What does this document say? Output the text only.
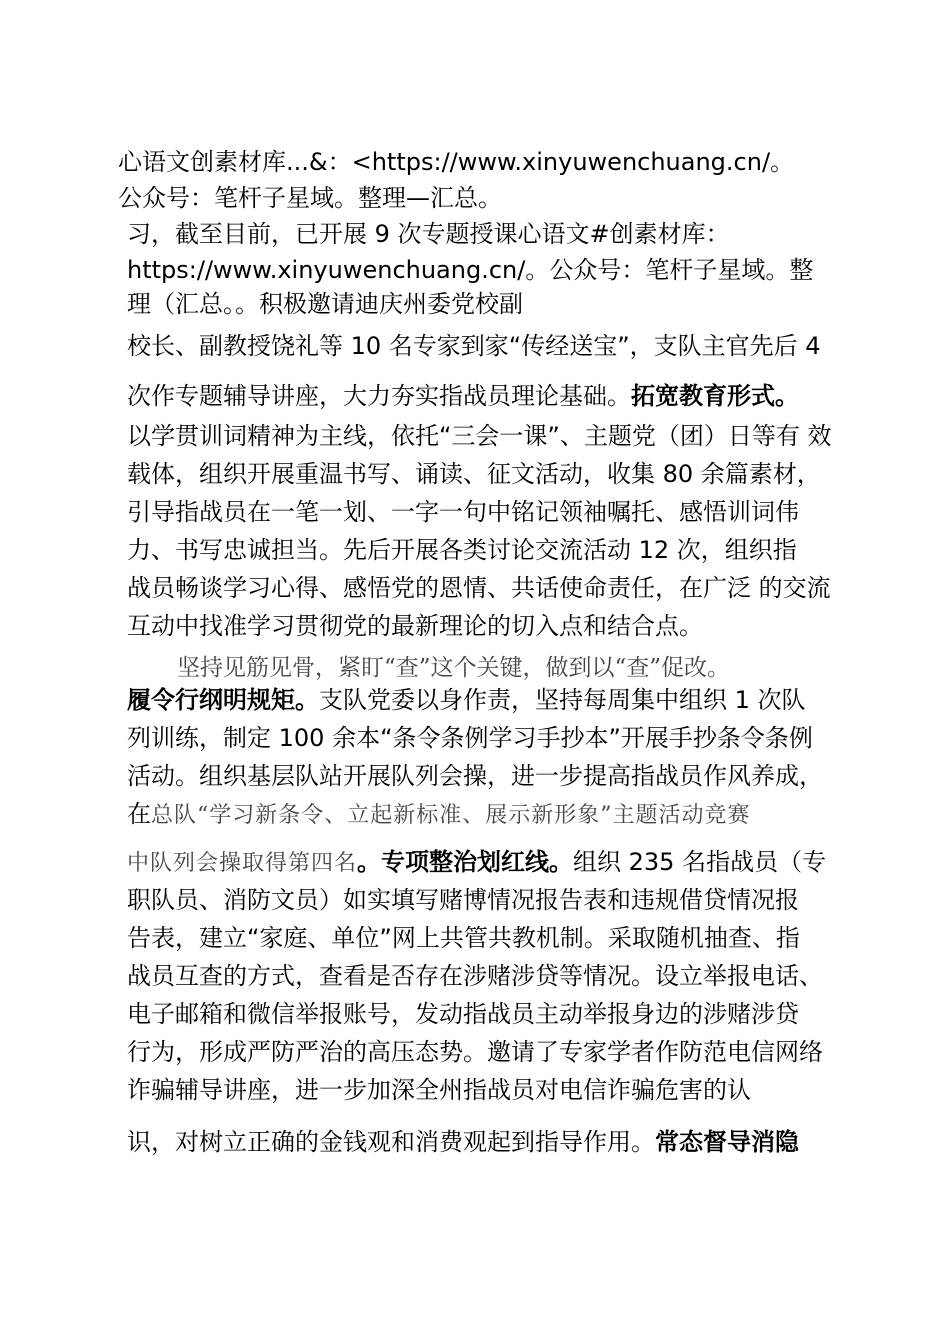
心语文创素材库...&：<https://www.xinyuwenchuang.cn/。
公众号：笔杆子星域。整理—汇总。
习，截至目前，已开展 9 次专题授课心语文#创素材库：
https://www.xinyuwenchuang.cn/。公众号：笔杆子星域。整
理（汇总。。积极邀请迪庆州委党校副
校长、副教授饶礼等 10 名专家到家“传经送宝”，支队主官先后 4
次作专题辅导讲座，大力夯实指战员理论基础。拓宽教育形式。
以学贯训词精神为主线，依托“三会一课”、主题党（团）日等有 效
载体，组织开展重温书写、诵读、征文活动，收集 80 余篇素材，
引导指战员在一笔一划、一字一句中铭记领袖嘱托、感悟训词伟
力、书写忠诚担当。先后开展各类讨论交流活动 12 次，组织指
战员畅谈学习心得、感悟党的恩情、共话使命责任，在广泛 的交流
互动中找准学习贯彻党的最新理论的切入点和结合点。
坚持见筋见骨，紧盯“查”这个关键，做到以“查”促改。
履令行纲明规矩。支队党委以身作责，坚持每周集中组织 1 次队
列训练，制定 100 余本“条令条例学习手抄本”开展手抄条令条例
活动。组织基层队站开展队列会操，进一步提高指战员作风养成，
在总队“学习新条令、立起新标准、展示新形象”主题活动竞赛
中队列会操取得第四名。专项整治划红线。组织 235 名指战员（专
职队员、消防文员）如实填写赌博情况报告表和违规借贷情况报
告表，建立“家庭、单位”网上共管共教机制。采取随机抽查、指
战员互查的方式，查看是否存在涉赌涉贷等情况。设立举报电话、
电子邮箱和微信举报账号，发动指战员主动举报身边的涉赌涉贷
行为，形成严防严治的高压态势。邀请了专家学者作防范电信网络
诈骗辅导讲座，进一步加深全州指战员对电信诈骗危害的认
识，对树立正确的金钱观和消费观起到指导作用。常态督导消隐
